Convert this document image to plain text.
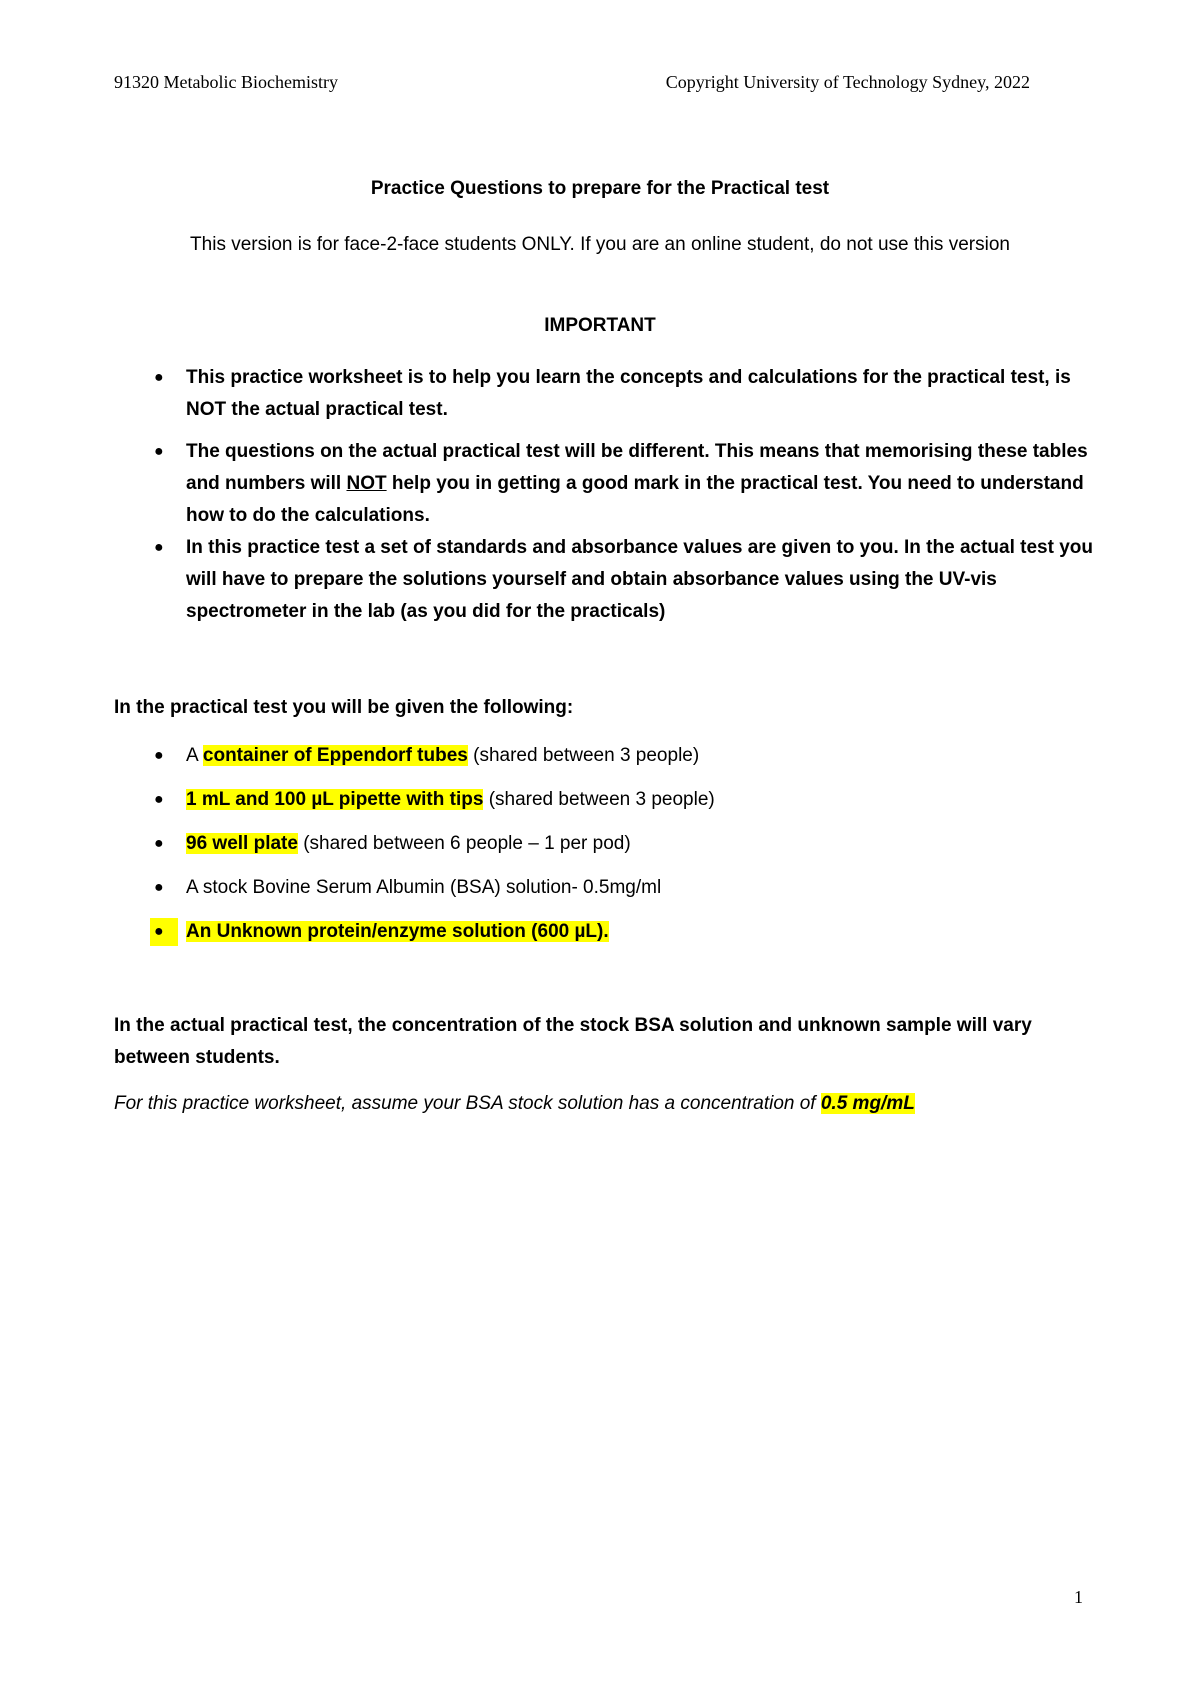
91320 Metabolic Biochemistry	Copyright University of Technology Sydney, 2022
Practice Questions to prepare for the Practical test
This version is for face-2-face students ONLY. If you are an online student, do not use this version
IMPORTANT
● This practice worksheet is to help you learn the concepts and calculations for the practical test, is NOT the actual practical test.
● The questions on the actual practical test will be different. This means that memorising these tables and numbers will NOT help you in getting a good mark in the practical test. You need to understand how to do the calculations.
● In this practice test a set of standards and absorbance values are given to you. In the actual test you will have to prepare the solutions yourself and obtain absorbance values using the UV-vis spectrometer in the lab (as you did for the practicals)
In the practical test you will be given the following:
● A container of Eppendorf tubes (shared between 3 people)
● 1 mL and 100 µL pipette with tips (shared between 3 people)
● 96 well plate (shared between 6 people – 1 per pod)
● A stock Bovine Serum Albumin (BSA) solution- 0.5mg/ml
● An Unknown protein/enzyme solution (600 µL).
In the actual practical test, the concentration of the stock BSA solution and unknown sample will vary between students.
For this practice worksheet, assume your BSA stock solution has a concentration of 0.5 mg/mL
1
